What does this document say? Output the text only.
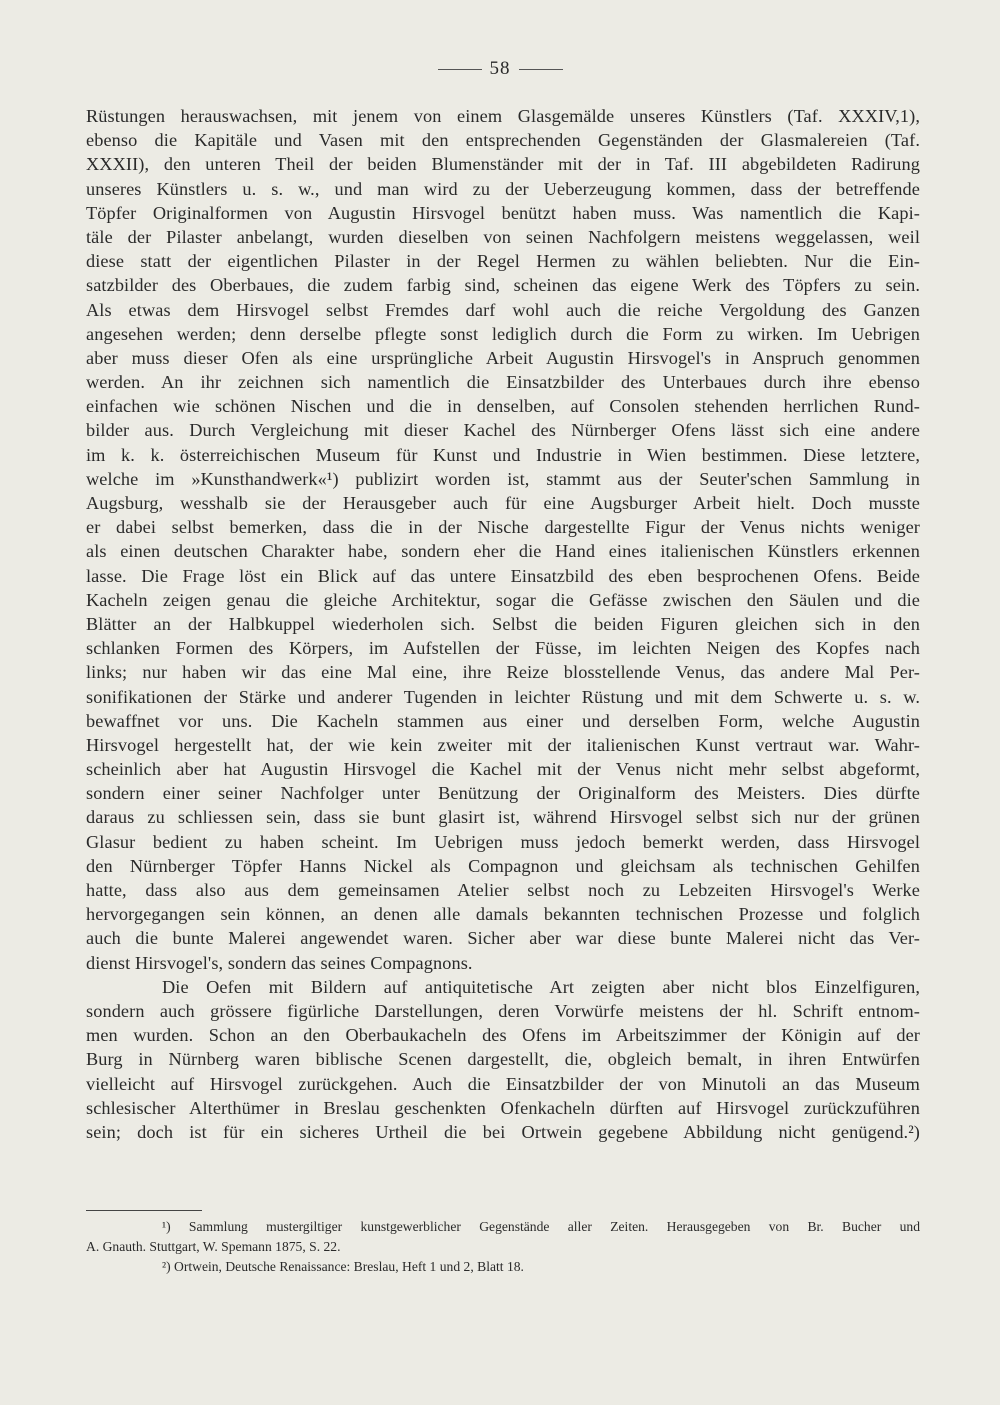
58
Rüstungen herauswachsen, mit jenem von einem Glasgemälde unseres Künstlers (Taf. XXXIV,1),
ebenso die Kapitäle und Vasen mit den entsprechenden Gegenständen der Glasmalereien (Taf.
XXXII), den unteren Theil der beiden Blumenständer mit der in Taf. III abgebildeten Radirung
unseres Künstlers u. s. w., und man wird zu der Ueberzeugung kommen, dass der betreffende
Töpfer Originalformen von Augustin Hirsvogel benützt haben muss. Was namentlich die Kapi-
täle der Pilaster anbelangt, wurden dieselben von seinen Nachfolgern meistens weggelassen, weil
diese statt der eigentlichen Pilaster in der Regel Hermen zu wählen beliebten. Nur die Ein-
satzbilder des Oberbaues, die zudem farbig sind, scheinen das eigene Werk des Töpfers zu sein.
Als etwas dem Hirsvogel selbst Fremdes darf wohl auch die reiche Vergoldung des Ganzen
angesehen werden; denn derselbe pflegte sonst lediglich durch die Form zu wirken. Im Uebrigen
aber muss dieser Ofen als eine ursprüngliche Arbeit Augustin Hirsvogel's in Anspruch genommen
werden. An ihr zeichnen sich namentlich die Einsatzbilder des Unterbaues durch ihre ebenso
einfachen wie schönen Nischen und die in denselben, auf Consolen stehenden herrlichen Rund-
bilder aus. Durch Vergleichung mit dieser Kachel des Nürnberger Ofens lässt sich eine andere
im k. k. österreichischen Museum für Kunst und Industrie in Wien bestimmen. Diese letztere,
welche im »Kunsthandwerk«¹) publizirt worden ist, stammt aus der Seuter'schen Sammlung in
Augsburg, wesshalb sie der Herausgeber auch für eine Augsburger Arbeit hielt. Doch musste
er dabei selbst bemerken, dass die in der Nische dargestellte Figur der Venus nichts weniger
als einen deutschen Charakter habe, sondern eher die Hand eines italienischen Künstlers erkennen
lasse. Die Frage löst ein Blick auf das untere Einsatzbild des eben besprochenen Ofens. Beide
Kacheln zeigen genau die gleiche Architektur, sogar die Gefässe zwischen den Säulen und die
Blätter an der Halbkuppel wiederholen sich. Selbst die beiden Figuren gleichen sich in den
schlanken Formen des Körpers, im Aufstellen der Füsse, im leichten Neigen des Kopfes nach
links; nur haben wir das eine Mal eine, ihre Reize blosstellende Venus, das andere Mal Per-
sonifikationen der Stärke und anderer Tugenden in leichter Rüstung und mit dem Schwerte u. s. w.
bewaffnet vor uns. Die Kacheln stammen aus einer und derselben Form, welche Augustin
Hirsvogel hergestellt hat, der wie kein zweiter mit der italienischen Kunst vertraut war. Wahr-
scheinlich aber hat Augustin Hirsvogel die Kachel mit der Venus nicht mehr selbst abgeformt,
sondern einer seiner Nachfolger unter Benützung der Originalform des Meisters. Dies dürfte
daraus zu schliessen sein, dass sie bunt glasirt ist, während Hirsvogel selbst sich nur der grünen
Glasur bedient zu haben scheint. Im Uebrigen muss jedoch bemerkt werden, dass Hirsvogel
den Nürnberger Töpfer Hanns Nickel als Compagnon und gleichsam als technischen Gehilfen
hatte, dass also aus dem gemeinsamen Atelier selbst noch zu Lebzeiten Hirsvogel's Werke
hervorgegangen sein können, an denen alle damals bekannten technischen Prozesse und folglich
auch die bunte Malerei angewendet waren. Sicher aber war diese bunte Malerei nicht das Ver-
dienst Hirsvogel's, sondern das seines Compagnons.
Die Oefen mit Bildern auf antiquitetische Art zeigten aber nicht blos Einzelfiguren,
sondern auch grössere figürliche Darstellungen, deren Vorwürfe meistens der hl. Schrift entnom-
men wurden. Schon an den Oberbaukacheln des Ofens im Arbeitszimmer der Königin auf der
Burg in Nürnberg waren biblische Scenen dargestellt, die, obgleich bemalt, in ihren Entwürfen
vielleicht auf Hirsvogel zurückgehen. Auch die Einsatzbilder der von Minutoli an das Museum
schlesischer Alterthümer in Breslau geschenkten Ofenkacheln dürften auf Hirsvogel zurückzuführen
sein; doch ist für ein sicheres Urtheil die bei Ortwein gegebene Abbildung nicht genügend.²)
¹) Sammlung mustergiltiger kunstgewerblicher Gegenstände aller Zeiten. Herausgegeben von Br. Bucher und
A. Gnauth. Stuttgart, W. Spemann 1875, S. 22.
²) Ortwein, Deutsche Renaissance: Breslau, Heft 1 und 2, Blatt 18.
